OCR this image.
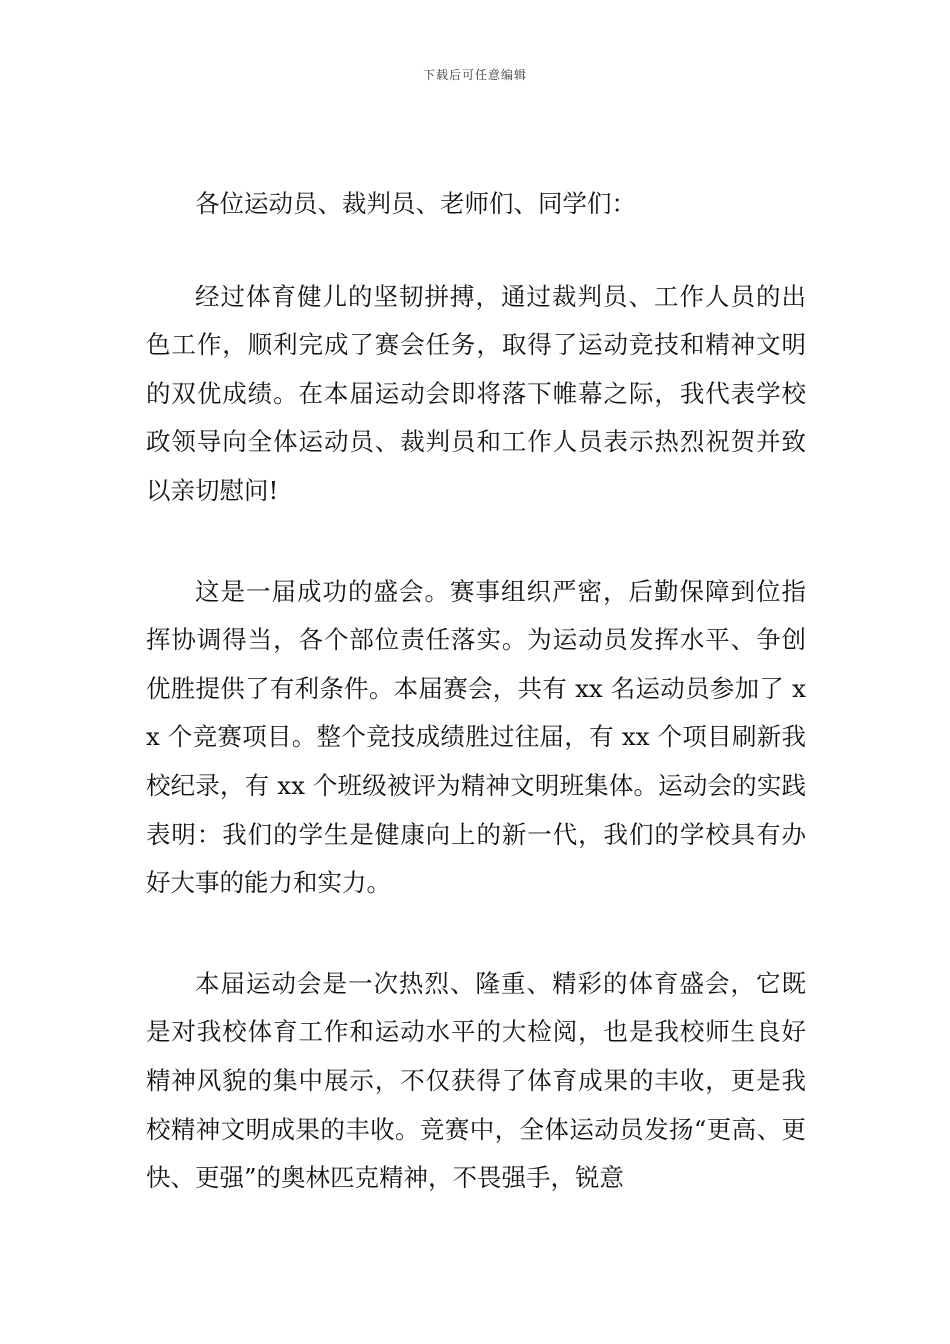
下载后可任意编辑

各位运动员、裁判员、老师们、同学们：

经过体育健儿的坚韧拼搏，通过裁判员、工作人员的出色工作，顺利完成了赛会任务，取得了运动竞技和精神文明的双优成绩。在本届运动会即将落下帷幕之际，我代表学校政领导向全体运动员、裁判员和工作人员表示热烈祝贺并致以亲切慰问!

这是一届成功的盛会。赛事组织严密，后勤保障到位指挥协调得当，各个部位责任落实。为运动员发挥水平、争创优胜提供了有利条件。本届赛会，共有 xx 名运动员参加了 xx 个竞赛项目。整个竞技成绩胜过往届，有 xx 个项目刷新我校纪录，有 xx 个班级被评为精神文明班集体。运动会的实践表明：我们的学生是健康向上的新一代，我们的学校具有办好大事的能力和实力。

本届运动会是一次热烈、隆重、精彩的体育盛会，它既是对我校体育工作和运动水平的大检阅，也是我校师生良好精神风貌的集中展示，不仅获得了体育成果的丰收，更是我校精神文明成果的丰收。竞赛中，全体运动员发扬“更高、更快、更强”的奥林匹克精神，不畏强手，锐意
